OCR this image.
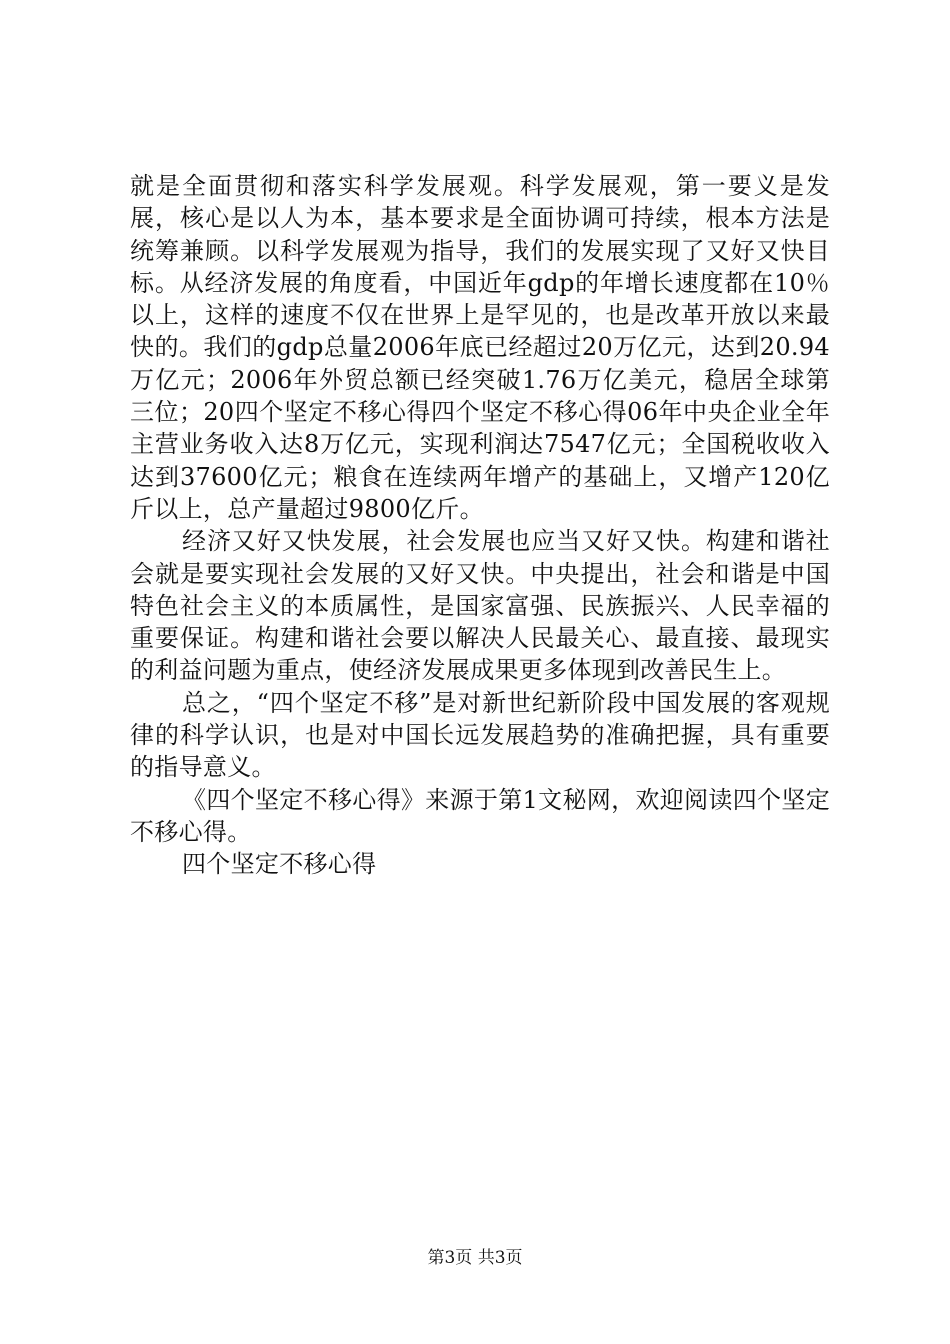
就是全面贯彻和落实科学发展观。科学发展观，第一要义是发展，核心是以人为本，基本要求是全面协调可持续，根本方法是统筹兼顾。以科学发展观为指导，我们的发展实现了又好又快目标。从经济发展的角度看，中国近年gdp的年增长速度都在10％以上，这样的速度不仅在世界上是罕见的，也是改革开放以来最快的。我们的gdp总量2006年底已经超过20万亿元，达到20.94万亿元；2006年外贸总额已经突破1.76万亿美元，稳居全球第三位；20四个坚定不移心得四个坚定不移心得06年中央企业全年主营业务收入达8万亿元，实现利润达7547亿元；全国税收收入达到37600亿元；粮食在连续两年增产的基础上，又增产120亿斤以上，总产量超过9800亿斤。

经济又好又快发展，社会发展也应当又好又快。构建和谐社会就是要实现社会发展的又好又快。中央提出，社会和谐是中国特色社会主义的本质属性，是国家富强、民族振兴、人民幸福的重要保证。构建和谐社会要以解决人民最关心、最直接、最现实的利益问题为重点，使经济发展成果更多体现到改善民生上。

总之，“四个坚定不移”是对新世纪新阶段中国发展的客观规律的科学认识，也是对中国长远发展趋势的准确把握，具有重要的指导意义。

《四个坚定不移心得》来源于第1文秘网，欢迎阅读四个坚定不移心得。

四个坚定不移心得

第3页 共3页
